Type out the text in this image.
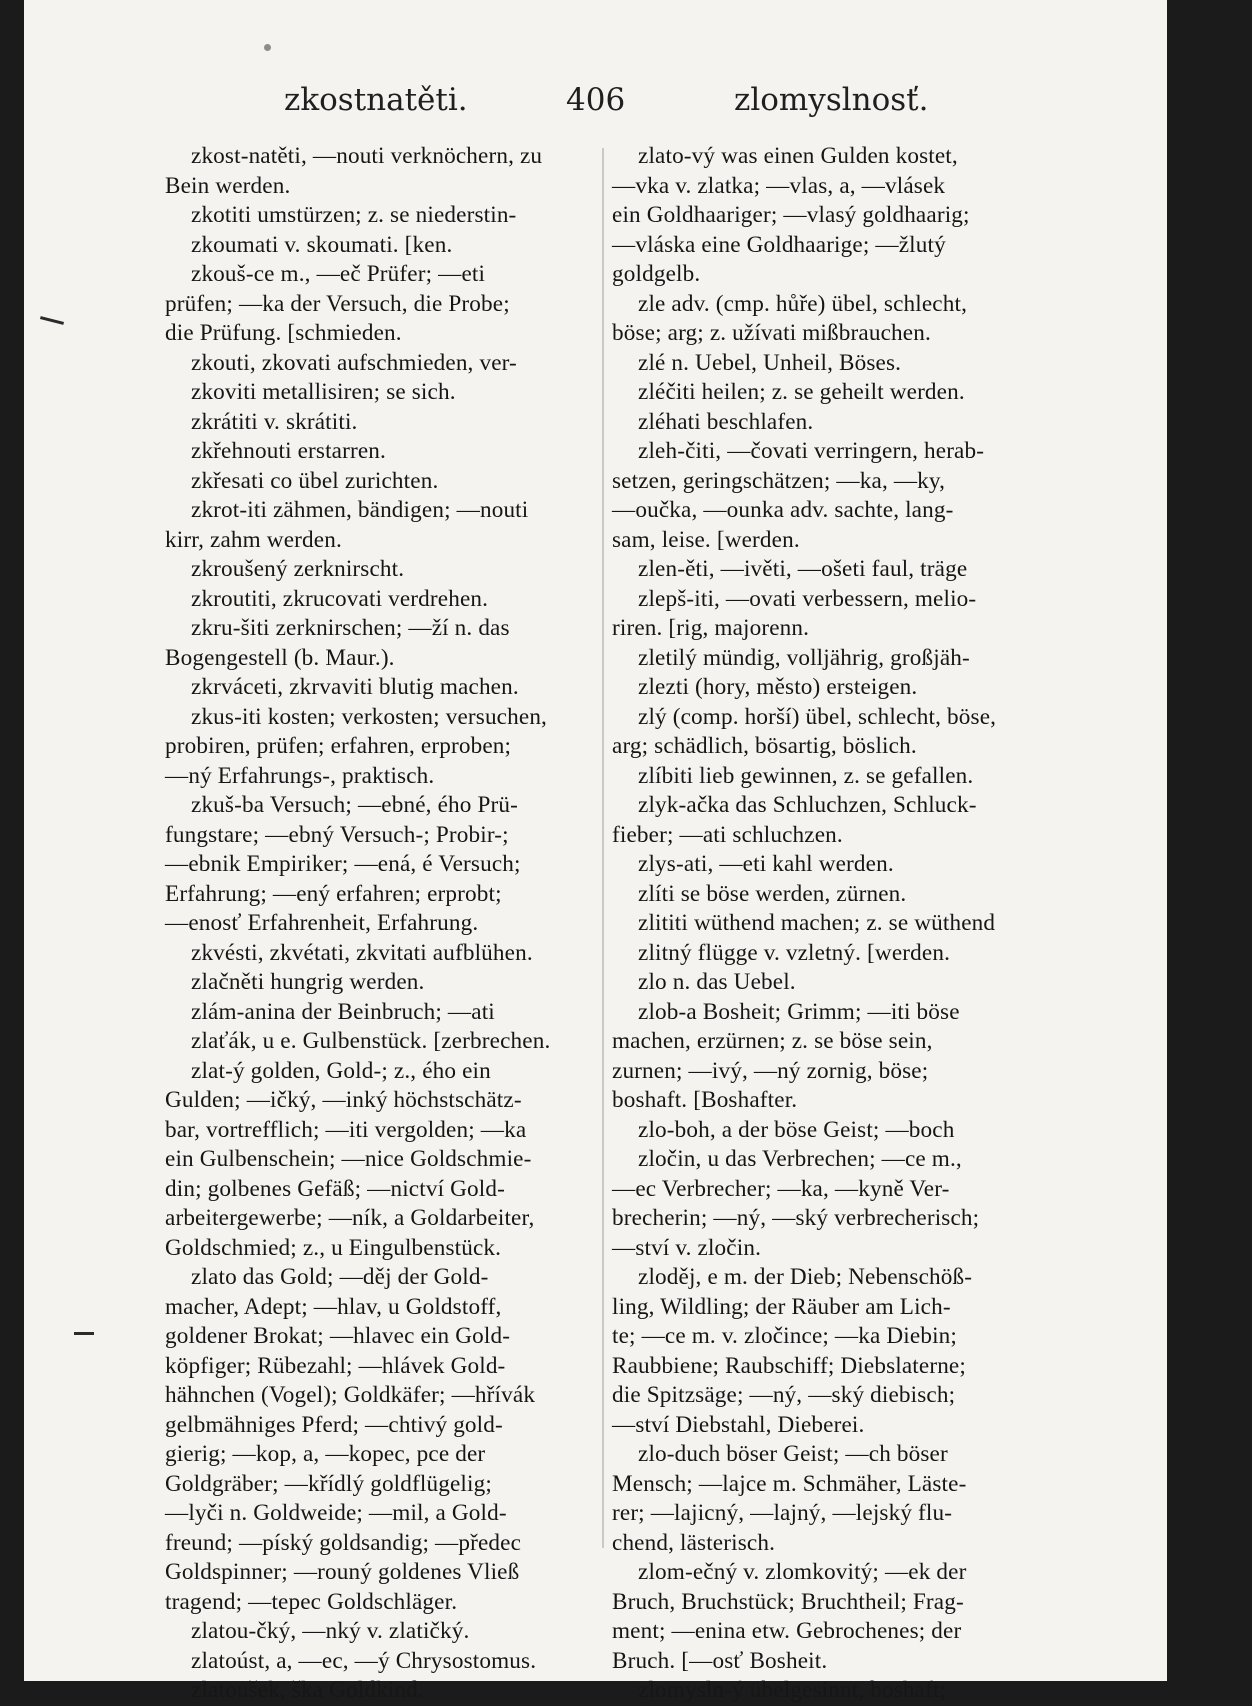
zkostnatěti.	406	zlomyslnosť.
zkost-natěti, —nouti verknöchern, zu
Bein werden.
zkotiti umstürzen; z. se niederstin-
zkoumati v. skoumati. [ken.
zkouš-ce m., —eč Prüfer; —eti
prüfen; —ka der Versuch, die Probe;
die Prüfung. [schmieden.
zkouti, zkovati aufschmieden, ver-
zkoviti metallisiren; se sich.
zkrátiti v. skrátiti.
zkřehnouti erstarren.
zkřesati co übel zurichten.
zkrot-iti zähmen, bändigen; —nouti
kirr, zahm werden.
zkroušený zerknirscht.
zkroutiti, zkrucovati verdrehen.
zkru-šiti zerknirschen; —ží n. das
Bogengestell (b. Maur.).
zkrváceti, zkrvaviti blutig machen.
zkus-iti kosten; verkosten; versuchen,
probiren, prüfen; erfahren, erproben;
—ný Erfahrungs-, praktisch.
zkuš-ba Versuch; —ebné, ého Prü-
fungstare; —ebný Versuch-; Probir-;
—ebnik Empiriker; —ená, é Versuch;
Erfahrung; —ený erfahren; erprobt;
—enosť Erfahrenheit, Erfahrung.
zkvésti, zkvétati, zkvitati aufblühen.
zlačněti hungrig werden.
zlám-anina der Beinbruch; —ati
zlaťák, u e. Gulbenstück. [zerbrechen.
zlat-ý golden, Gold-; z., ého ein
Gulden; —ičký, —inký höchstschätz-
bar, vortrefflich; —iti vergolden; —ka
ein Gulbenschein; —nice Goldschmie-
din; golbenes Gefäß; —nictví Gold-
arbeitergewerbe; —ník, a Goldarbeiter,
Goldschmied; z., u Eingulbenstück.
zlato das Gold; —děj der Gold-
macher, Adept; —hlav, u Goldstoff,
goldener Brokat; —hlavec ein Gold-
köpfiger; Rübezahl; —hlávek Gold-
hähnchen (Vogel); Goldkäfer; —hřívák
gelbmähniges Pferd; —chtivý gold-
gierig; —kop, a, —kopec, pce der
Goldgräber; —křídlý goldflügelig;
—lyči n. Goldweide; —mil, a Gold-
freund; —píský goldsandig; —předec
Goldspinner; —rouný goldenes Vließ
tragend; —tepec Goldschläger.
zlatou-čký, —nký v. zlatičký.
zlatoúst, a, —ec, —ý Chrysostomus.
zlatoušek, ška Goldkind.
zlato-vý was einen Gulden kostet,
—vka v. zlatka; —vlas, a, —vlásek
ein Goldhaariger; —vlasý goldhaarig;
—vláska eine Goldhaarige; —žlutý
goldgelb.
zle adv. (cmp. hůře) übel, schlecht,
böse; arg; z. užívati mißbrauchen.
zlé n. Uebel, Unheil, Böses.
zléčiti heilen; z. se geheilt werden.
zléhati beschlafen.
zleh-čiti, —čovati verringern, herab-
setzen, geringschätzen; —ka, —ky,
—oučka, —ounka adv. sachte, lang-
sam, leise. [werden.
zlen-ěti, —ivěti, —ošeti faul, träge
zlepš-iti, —ovati verbessern, melio-
riren. [rig, majorenn.
zletilý mündig, volljährig, großjäh-
zlezti (hory, město) ersteigen.
zlý (comp. horší) übel, schlecht, böse,
arg; schädlich, bösartig, böslich.
zlíbiti lieb gewinnen, z. se gefallen.
zlyk-ačka das Schluchzen, Schluck-
fieber; —ati schluchzen.
zlys-ati, —eti kahl werden.
zlíti se böse werden, zürnen.
zlititi wüthend machen; z. se wüthend
zlitný flügge v. vzletný. [werden.
zlo n. das Uebel.
zlob-a Bosheit; Grimm; —iti böse
machen, erzürnen; z. se böse sein,
zurnen; —ivý, —ný zornig, böse;
boshaft. [Boshafter.
zlo-boh, a der böse Geist; —boch
zločin, u das Verbrechen; —ce m.,
—ec Verbrecher; —ka, —kyně Ver-
brecherin; —ný, —ský verbrecherisch;
—ství v. zločin.
zloděj, e m. der Dieb; Nebenschöß-
ling, Wildling; der Räuber am Lich-
te; —ce m. v. zločince; —ka Diebin;
Raubbiene; Raubschiff; Diebslaterne;
die Spitzsäge; —ný, —ský diebisch;
—ství Diebstahl, Dieberei.
zlo-duch böser Geist; —ch böser
Mensch; —lajce m. Schmäher, Läste-
rer; —lajicný, —lajný, —lejský flu-
chend, lästerisch.
zlom-ečný v. zlomkovitý; —ek der
Bruch, Bruchstück; Bruchtheil; Frag-
ment; —enina etw. Gebrochenes; der
Bruch. [—osť Bosheit.
zlomysln-ý übelgesinnt, boshaft;
